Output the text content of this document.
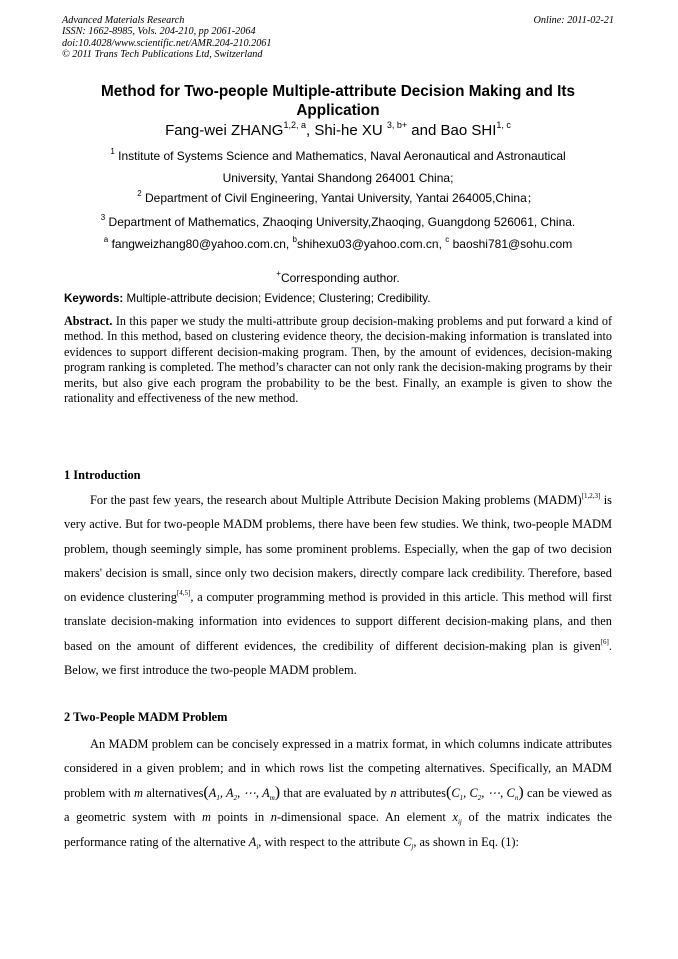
Advanced Materials Research
ISSN: 1662-8985, Vols. 204-210, pp 2061-2064
doi:10.4028/www.scientific.net/AMR.204-210.2061
© 2011 Trans Tech Publications Ltd, Switzerland
Online: 2011-02-21
Method for Two-people Multiple-attribute Decision Making and Its Application
Fang-wei ZHANG$^{1,2, a}$, Shi-he XU $^{3, b+}$ and Bao SHI$^{1, c}$
$^1$ Institute of Systems Science and Mathematics, Naval Aeronautical and Astronautical
University, Yantai Shandong 264001 China;
$^2$ Department of Civil Engineering, Yantai University, Yantai 264005,China；
$^3$ Department of Mathematics, Zhaoqing University,Zhaoqing, Guangdong 526061, China.
$^a$ fangweizhang80@yahoo.com.cn, $^b$shihexu03@yahoo.com.cn, $^c$ baoshi781@sohu.com
+Corresponding author.
Keywords: Multiple-attribute decision; Evidence; Clustering; Credibility.
Abstract. In this paper we study the multi-attribute group decision-making problems and put forward a kind of method. In this method, based on clustering evidence theory, the decision-making information is translated into evidences to support different decision-making program. Then, by the amount of evidences, decision-making program ranking is completed. The method’s character can not only rank the decision-making programs by their merits, but also give each program the probability to be the best. Finally, an example is given to show the rationality and effectiveness of the new method.
1 Introduction
For the past few years, the research about Multiple Attribute Decision Making problems (MADM)[1,2,3] is very active. But for two-people MADM problems, there have been few studies. We think, two-people MADM problem, though seemingly simple, has some prominent problems. Especially, when the gap of two decision makers' decision is small, since only two decision makers, directly compare lack credibility. Therefore, based on evidence clustering[4,5], a computer programming method is provided in this article. This method will first translate decision-making information into evidences to support different decision-making plans, and then based on the amount of different evidences, the credibility of different decision-making plan is given[6]. Below, we first introduce the two-people MADM problem.
2 Two-People MADM Problem
An MADM problem can be concisely expressed in a matrix format, in which columns indicate attributes considered in a given problem; and in which rows list the competing alternatives. Specifically, an MADM problem with m $alternatives(A_1$, $A_2$, ⋯, $A_m$) that are evaluated by n $attributes(C_1$, $C_2$, ⋯, $C_n$) can be viewed as a geometric system with m points in n-dimensional space. An element $x_{ij}$ of the matrix indicates the performance rating of the alternative $A_i$, with respect to the attribute $C_j$, as shown in Eq. (1):
